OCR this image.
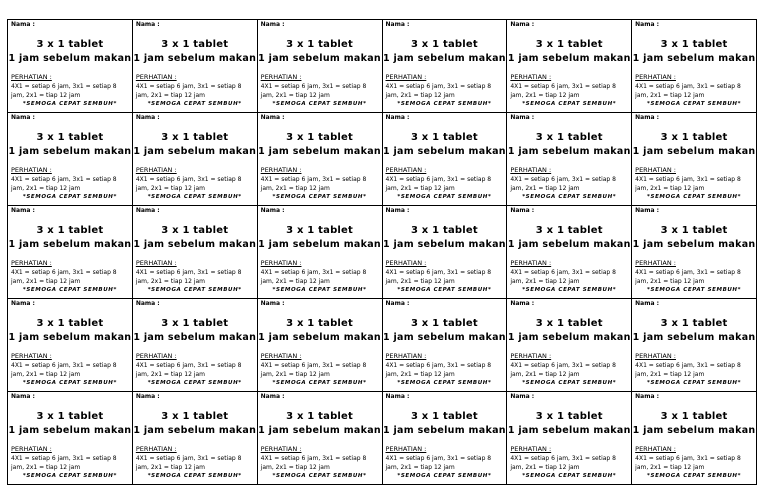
Nama :
3 x 1 tablet
1 jam sebelum makan
PERHATIAN :
4X1 = setiap 6 jam, 3x1 = setiap 8 jam, 2x1 = tiap 12 jam
*SEMOGA CEPAT SEMBUH*
Nama :
3 x 1 tablet
1 jam sebelum makan
PERHATIAN :
4X1 = setiap 6 jam, 3x1 = setiap 8 jam, 2x1 = tiap 12 jam
*SEMOGA CEPAT SEMBUH*
Nama :
3 x 1 tablet
1 jam sebelum makan
PERHATIAN :
4X1 = setiap 6 jam, 3x1 = setiap 8 jam, 2x1 = tiap 12 jam
*SEMOGA CEPAT SEMBUH*
Nama :
3 x 1 tablet
1 jam sebelum makan
PERHATIAN :
4X1 = setiap 6 jam, 3x1 = setiap 8 jam, 2x1 = tiap 12 jam
*SEMOGA CEPAT SEMBUH*
Nama :
3 x 1 tablet
1 jam sebelum makan
PERHATIAN :
4X1 = setiap 6 jam, 3x1 = setiap 8 jam, 2x1 = tiap 12 jam
*SEMOGA CEPAT SEMBUH*
Nama :
3 x 1 tablet
1 jam sebelum makan
PERHATIAN :
4X1 = setiap 6 jam, 3x1 = setiap 8 jam, 2x1 = tiap 12 jam
*SEMOGA CEPAT SEMBUH*
Nama :
3 x 1 tablet
1 jam sebelum makan
PERHATIAN :
4X1 = setiap 6 jam, 3x1 = setiap 8 jam, 2x1 = tiap 12 jam
*SEMOGA CEPAT SEMBUH*
Nama :
3 x 1 tablet
1 jam sebelum makan
PERHATIAN :
4X1 = setiap 6 jam, 3x1 = setiap 8 jam, 2x1 = tiap 12 jam
*SEMOGA CEPAT SEMBUH*
Nama :
3 x 1 tablet
1 jam sebelum makan
PERHATIAN :
4X1 = setiap 6 jam, 3x1 = setiap 8 jam, 2x1 = tiap 12 jam
*SEMOGA CEPAT SEMBUH*
Nama :
3 x 1 tablet
1 jam sebelum makan
PERHATIAN :
4X1 = setiap 6 jam, 3x1 = setiap 8 jam, 2x1 = tiap 12 jam
*SEMOGA CEPAT SEMBUH*
Nama :
3 x 1 tablet
1 jam sebelum makan
PERHATIAN :
4X1 = setiap 6 jam, 3x1 = setiap 8 jam, 2x1 = tiap 12 jam
*SEMOGA CEPAT SEMBUH*
Nama :
3 x 1 tablet
1 jam sebelum makan
PERHATIAN :
4X1 = setiap 6 jam, 3x1 = setiap 8 jam, 2x1 = tiap 12 jam
*SEMOGA CEPAT SEMBUH*
Nama :
3 x 1 tablet
1 jam sebelum makan
PERHATIAN :
4X1 = setiap 6 jam, 3x1 = setiap 8 jam, 2x1 = tiap 12 jam
*SEMOGA CEPAT SEMBUH*
Nama :
3 x 1 tablet
1 jam sebelum makan
PERHATIAN :
4X1 = setiap 6 jam, 3x1 = setiap 8 jam, 2x1 = tiap 12 jam
*SEMOGA CEPAT SEMBUH*
Nama :
3 x 1 tablet
1 jam sebelum makan
PERHATIAN :
4X1 = setiap 6 jam, 3x1 = setiap 8 jam, 2x1 = tiap 12 jam
*SEMOGA CEPAT SEMBUH*
Nama :
3 x 1 tablet
1 jam sebelum makan
PERHATIAN :
4X1 = setiap 6 jam, 3x1 = setiap 8 jam, 2x1 = tiap 12 jam
*SEMOGA CEPAT SEMBUH*
Nama :
3 x 1 tablet
1 jam sebelum makan
PERHATIAN :
4X1 = setiap 6 jam, 3x1 = setiap 8 jam, 2x1 = tiap 12 jam
*SEMOGA CEPAT SEMBUH*
Nama :
3 x 1 tablet
1 jam sebelum makan
PERHATIAN :
4X1 = setiap 6 jam, 3x1 = setiap 8 jam, 2x1 = tiap 12 jam
*SEMOGA CEPAT SEMBUH*
Nama :
3 x 1 tablet
1 jam sebelum makan
PERHATIAN :
4X1 = setiap 6 jam, 3x1 = setiap 8 jam, 2x1 = tiap 12 jam
*SEMOGA CEPAT SEMBUH*
Nama :
3 x 1 tablet
1 jam sebelum makan
PERHATIAN :
4X1 = setiap 6 jam, 3x1 = setiap 8 jam, 2x1 = tiap 12 jam
*SEMOGA CEPAT SEMBUH*
Nama :
3 x 1 tablet
1 jam sebelum makan
PERHATIAN :
4X1 = setiap 6 jam, 3x1 = setiap 8 jam, 2x1 = tiap 12 jam
*SEMOGA CEPAT SEMBUH*
Nama :
3 x 1 tablet
1 jam sebelum makan
PERHATIAN :
4X1 = setiap 6 jam, 3x1 = setiap 8 jam, 2x1 = tiap 12 jam
*SEMOGA CEPAT SEMBUH*
Nama :
3 x 1 tablet
1 jam sebelum makan
PERHATIAN :
4X1 = setiap 6 jam, 3x1 = setiap 8 jam, 2x1 = tiap 12 jam
*SEMOGA CEPAT SEMBUH*
Nama :
3 x 1 tablet
1 jam sebelum makan
PERHATIAN :
4X1 = setiap 6 jam, 3x1 = setiap 8 jam, 2x1 = tiap 12 jam
*SEMOGA CEPAT SEMBUH*
Nama :
3 x 1 tablet
1 jam sebelum makan
PERHATIAN :
4X1 = setiap 6 jam, 3x1 = setiap 8 jam, 2x1 = tiap 12 jam
*SEMOGA CEPAT SEMBUH*
Nama :
3 x 1 tablet
1 jam sebelum makan
PERHATIAN :
4X1 = setiap 6 jam, 3x1 = setiap 8 jam, 2x1 = tiap 12 jam
*SEMOGA CEPAT SEMBUH*
Nama :
3 x 1 tablet
1 jam sebelum makan
PERHATIAN :
4X1 = setiap 6 jam, 3x1 = setiap 8 jam, 2x1 = tiap 12 jam
*SEMOGA CEPAT SEMBUH*
Nama :
3 x 1 tablet
1 jam sebelum makan
PERHATIAN :
4X1 = setiap 6 jam, 3x1 = setiap 8 jam, 2x1 = tiap 12 jam
*SEMOGA CEPAT SEMBUH*
Nama :
3 x 1 tablet
1 jam sebelum makan
PERHATIAN :
4X1 = setiap 6 jam, 3x1 = setiap 8 jam, 2x1 = tiap 12 jam
*SEMOGA CEPAT SEMBUH*
Nama :
3 x 1 tablet
1 jam sebelum makan
PERHATIAN :
4X1 = setiap 6 jam, 3x1 = setiap 8 jam, 2x1 = tiap 12 jam
*SEMOGA CEPAT SEMBUH*
